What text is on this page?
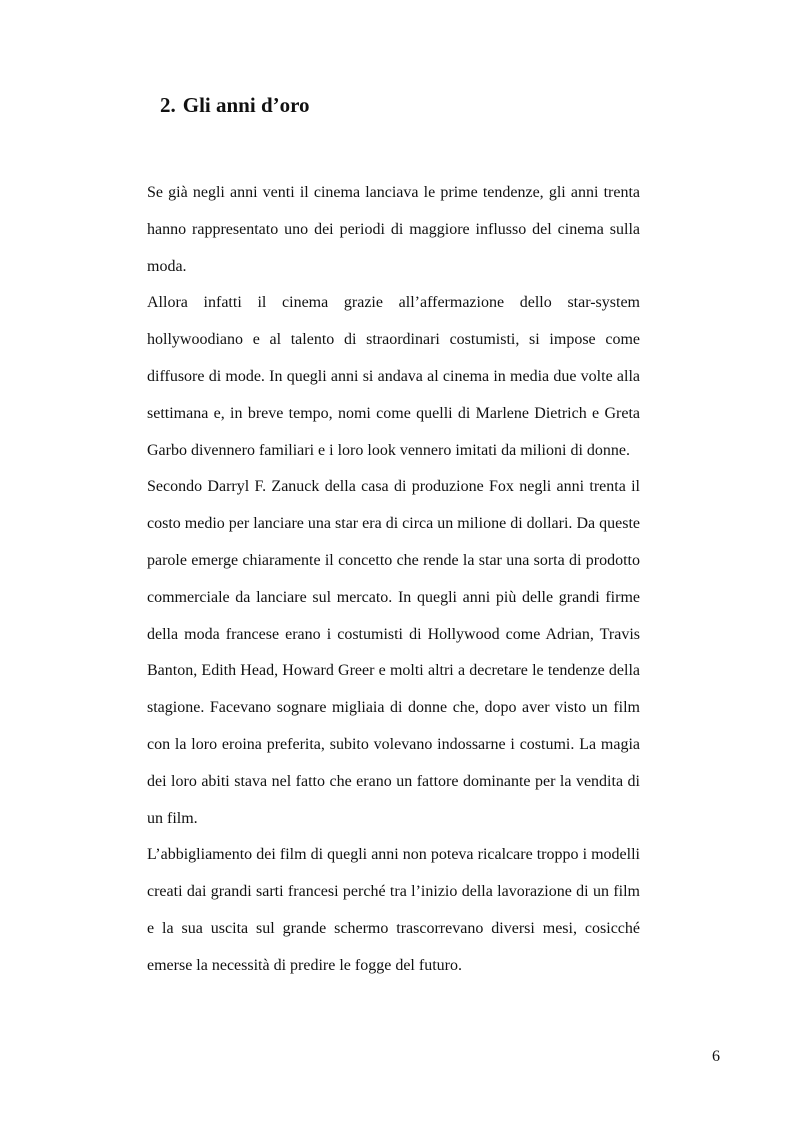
2. Gli anni d’oro

Se già negli anni venti il cinema lanciava le prime tendenze, gli anni trenta hanno rappresentato uno dei periodi di maggiore influsso del cinema sulla moda.

Allora infatti il cinema grazie all’affermazione dello star-system hollywoodiano e al talento di straordinari costumisti, si impose come diffusore di mode. In quegli anni si andava al cinema in media due volte alla settimana e, in breve tempo, nomi come quelli di Marlene Dietrich e Greta Garbo divennero familiari e i loro look vennero imitati da milioni di donne.

Secondo Darryl F. Zanuck della casa di produzione Fox negli anni trenta il costo medio per lanciare una star era di circa un milione di dollari. Da queste parole emerge chiaramente il concetto che rende la star una sorta di prodotto commerciale da lanciare sul mercato. In quegli anni più delle grandi firme della moda francese erano i costumisti di Hollywood come Adrian, Travis Banton, Edith Head, Howard Greer e molti altri a decretare le tendenze della stagione. Facevano sognare migliaia di donne che, dopo aver visto un film con la loro eroina preferita, subito volevano indossarne i costumi. La magia dei loro abiti stava nel fatto che erano un fattore dominante per la vendita di un film.

L’abbigliamento dei film di quegli anni non poteva ricalcare troppo i modelli creati dai grandi sarti francesi perché tra l’inizio della lavorazione di un film e la sua uscita sul grande schermo trascorrevano diversi mesi, cosicché emerse la necessità di predire le fogge del futuro.

6
